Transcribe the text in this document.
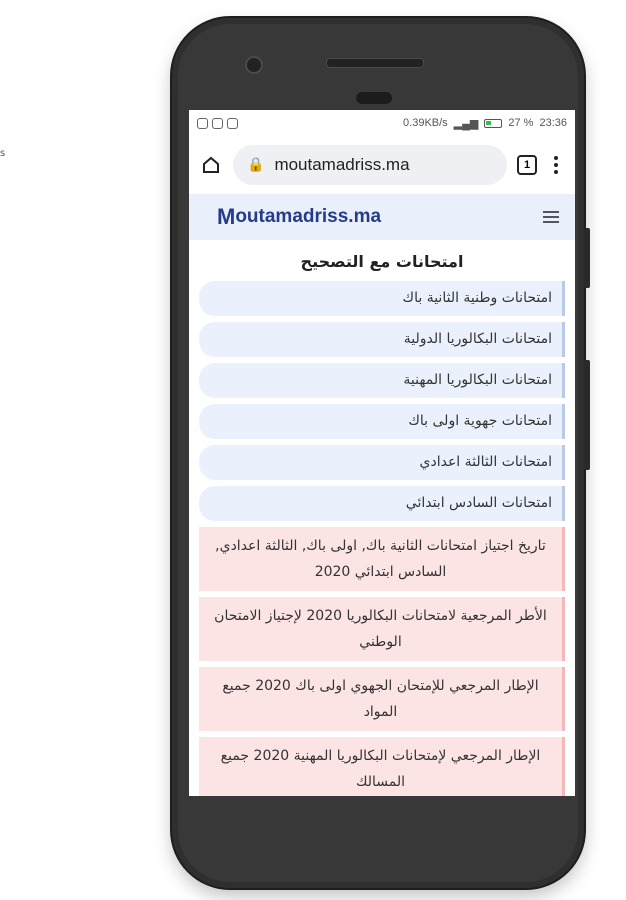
s
0.39KB/s ▂▄▆	27 % 23:36
🔒 moutamadriss.ma	1
M outamadriss.ma
امتحانات مع التصحيح
امتحانات وطنية الثانية باك
امتحانات البكالوريا الدولية
امتحانات البكالوريا المهنية
امتحانات جهوية اولى باك
امتحانات الثالثة اعدادي
امتحانات السادس ابتدائي
تاريخ اجتياز امتحانات الثانية باك, اولى باك, الثالثة اعدادي, السادس ابتدائي 2020
الأطر المرجعية لامتحانات البكالوريا 2020 لإجتياز الامتحان الوطني
الإطار المرجعي للإمتحان الجهوي اولى باك 2020 جميع المواد
الإطار المرجعي لإمتحانات البكالوريا المهنية 2020 جميع المسالك
